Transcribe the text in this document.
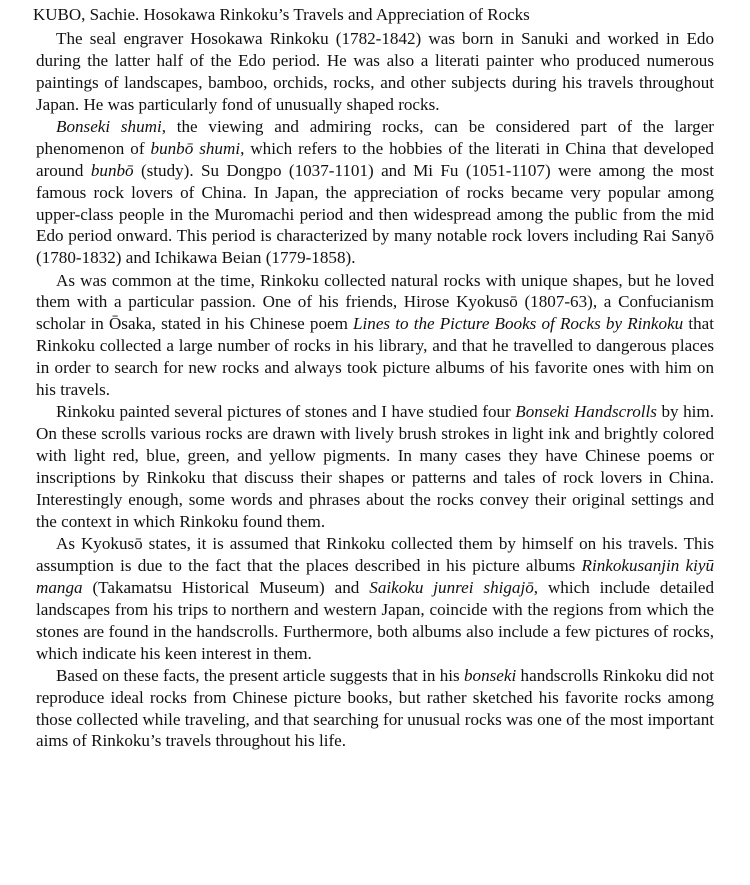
KUBO, Sachie. Hosokawa Rinkoku’s Travels and Appreciation of Rocks

The seal engraver Hosokawa Rinkoku (1782-1842) was born in Sanuki and worked in Edo during the latter half of the Edo period. He was also a literati painter who produced numerous paintings of landscapes, bamboo, orchids, rocks, and other subjects during his travels throughout Japan. He was particularly fond of unusually shaped rocks.

Bonseki shumi, the viewing and admiring rocks, can be considered part of the larger phenomenon of bunbō shumi, which refers to the hobbies of the literati in China that developed around bunbō (study). Su Dongpo (1037-1101) and Mi Fu (1051-1107) were among the most famous rock lovers of China. In Japan, the appreciation of rocks became very popular among upper-class people in the Muromachi period and then widespread among the public from the mid Edo period onward. This period is characterized by many notable rock lovers including Rai Sanyō (1780-1832) and Ichikawa Beian (1779-1858).

As was common at the time, Rinkoku collected natural rocks with unique shapes, but he loved them with a particular passion. One of his friends, Hirose Kyokusō (1807-63), a Confucianism scholar in Ōsaka, stated in his Chinese poem Lines to the Picture Books of Rocks by Rinkoku that Rinkoku collected a large number of rocks in his library, and that he travelled to dangerous places in order to search for new rocks and always took picture albums of his favorite ones with him on his travels.

Rinkoku painted several pictures of stones and I have studied four Bonseki Handscrolls by him. On these scrolls various rocks are drawn with lively brush strokes in light ink and brightly colored with light red, blue, green, and yellow pigments. In many cases they have Chinese poems or inscriptions by Rinkoku that discuss their shapes or patterns and tales of rock lovers in China. Interestingly enough, some words and phrases about the rocks convey their original settings and the context in which Rinkoku found them.

As Kyokusō states, it is assumed that Rinkoku collected them by himself on his travels. This assumption is due to the fact that the places described in his picture albums Rinkokusanjin kiyū manga (Takamatsu Historical Museum) and Saikoku junrei shigajō, which include detailed landscapes from his trips to northern and western Japan, coincide with the regions from which the stones are found in the handscrolls. Furthermore, both albums also include a few pictures of rocks, which indicate his keen interest in them.

Based on these facts, the present article suggests that in his bonseki handscrolls Rinkoku did not reproduce ideal rocks from Chinese picture books, but rather sketched his favorite rocks among those collected while traveling, and that searching for unusual rocks was one of the most important aims of Rinkoku’s travels throughout his life.
